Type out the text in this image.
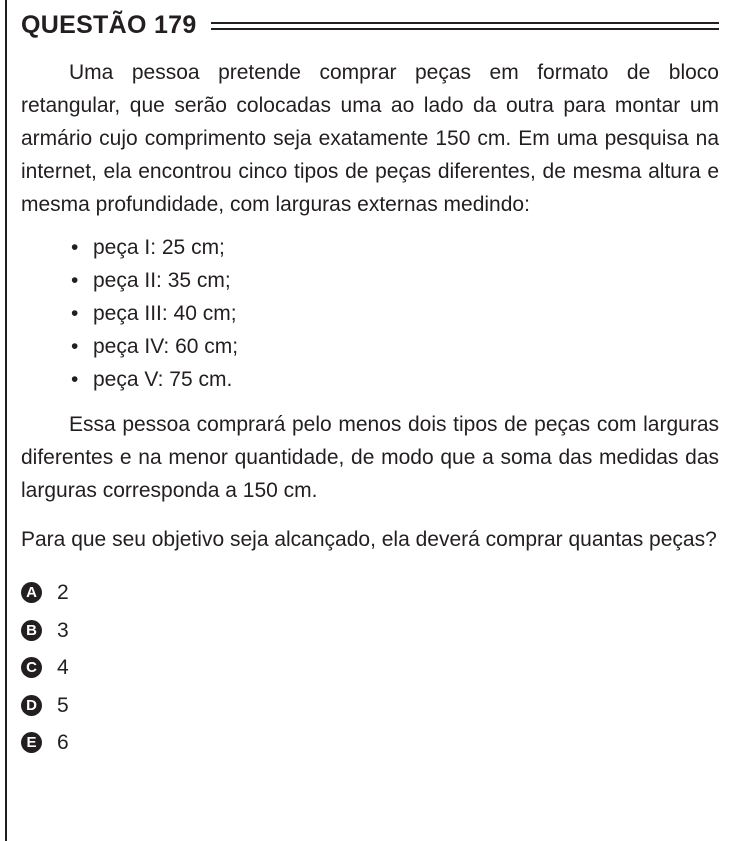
QUESTÃO 179

Uma pessoa pretende comprar peças em formato de bloco retangular, que serão colocadas uma ao lado da outra para montar um armário cujo comprimento seja exatamente 150 cm. Em uma pesquisa na internet, ela encontrou cinco tipos de peças diferentes, de mesma altura e mesma profundidade, com larguras externas medindo:

• peça I: 25 cm;
• peça II: 35 cm;
• peça III: 40 cm;
• peça IV: 60 cm;
• peça V: 75 cm.

Essa pessoa comprará pelo menos dois tipos de peças com larguras diferentes e na menor quantidade, de modo que a soma das medidas das larguras corresponda a 150 cm.

Para que seu objetivo seja alcançado, ela deverá comprar quantas peças?

A 2
B 3
C 4
D 5
E 6
